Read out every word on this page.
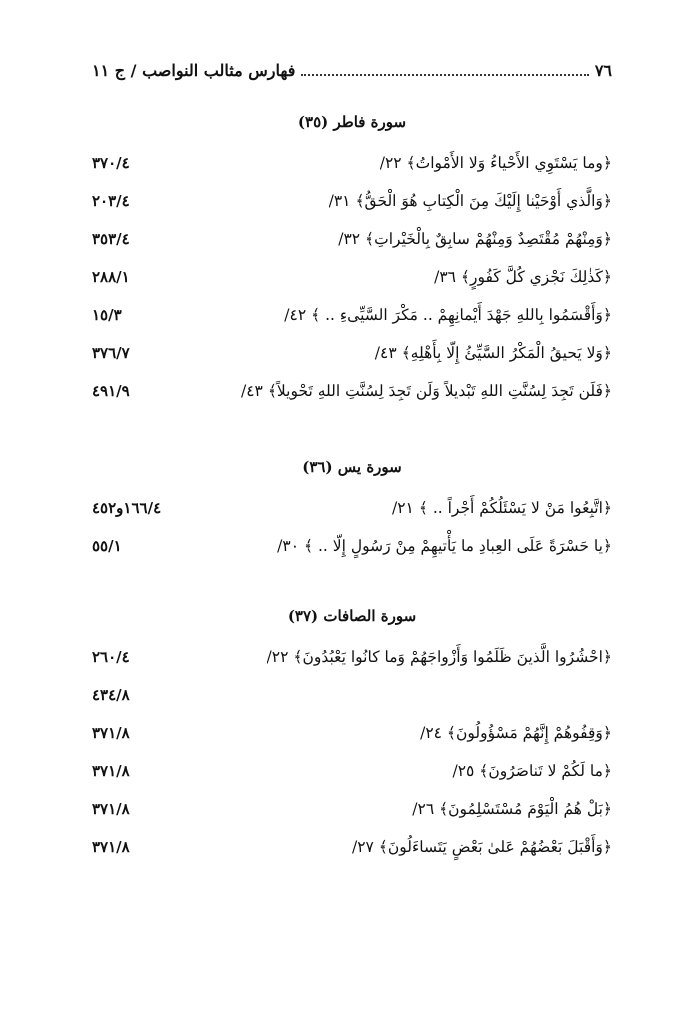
٧٦
فهارس مثالب النواصب / ج ١١
سورة فاطر (٣٥)
﴿وما يَسْتَوِي الأَحْياءُ وَلا الأَمْواتُ﴾ ٢٢/
٣٧٠/٤
﴿وَالَّذي أَوْحَيْنا إِلَيْكَ مِنَ الْكِتابِ هُوَ الْحَقُّ﴾ ٣١/
٢٠٣/٤
﴿وَمِنْهُمْ مُقْتَصِدٌ وَمِنْهُمْ سابِقٌ بِالْخَيْراتِ﴾ ٣٢/
٣٥٣/٤
﴿كَذٰلِكَ نَجْزي كُلَّ كَفُورٍ﴾ ٣٦/
٢٨٨/١
﴿وَأَقْسَمُوا بِاللهِ جَهْدَ أَيْمانِهِمْ .. مَكْرَ السَّيِّىءِ .. ﴾ ٤٢/
١٥/٣
﴿وَلا يَحيقُ الْمَكْرُ السَّيِّئُ إِلّا بِأَهْلِهِ﴾ ٤٣/
٣٧٦/٧
﴿فَلَن تَجِدَ لِسُنَّتِ اللهِ تَبْديلاً وَلَن تَجِدَ لِسُنَّتِ اللهِ تَحْويلاً﴾ ٤٣/
٤٩١/٩
سورة يس (٣٦)
﴿اتَّبِعُوا مَنْ لا يَسْئَلُكُمْ أَجْراً .. ﴾ ٢١/
١٦٦/٤و٤٥٢
﴿يا حَسْرَةً عَلَى العِبادِ ما يَأْتيهِمْ مِنْ رَسُولٍ إِلّا .. ﴾ ٣٠/
٥٥/١
سورة الصافات (٣٧)
﴿احْشُرُوا الَّذينَ ظَلَمُوا وَأَزْواجَهُمْ وَما كانُوا يَعْبُدُونَ﴾ ٢٢/
٢٦٠/٤
٤٣٤/٨
﴿وَقِفُوهُمْ إِنَّهُمْ مَسْؤُولُونَ﴾ ٢٤/
٣٧١/٨
﴿ما لَكُمْ لا تَناصَرُونَ﴾ ٢٥/
٣٧١/٨
﴿بَلْ هُمُ الْيَوْمَ مُسْتَسْلِمُونَ﴾ ٢٦/
٣٧١/٨
﴿وَأَقْبَلَ بَعْضُهُمْ عَلىٰ بَعْضٍ يَتَساءَلُونَ﴾ ٢٧/
٣٧١/٨
